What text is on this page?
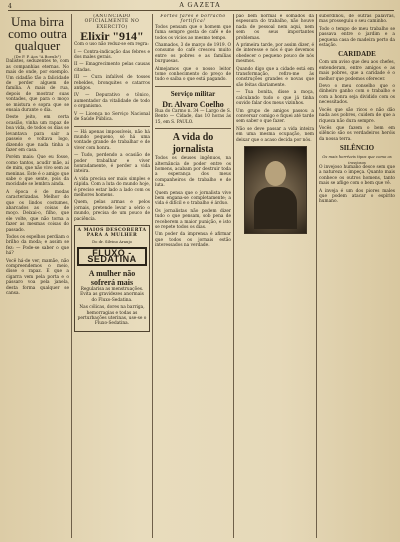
4	A GAZETA
Uma birra como outra qualquer
(De F. P. Aos "A Boeuls")

Dalistes, seduzentes te, com as companhias eternas. No mais de onde, por exemplo. Um cidadão tão a falicidade de perder alguem de família. A mais de rua, depois de mostrar suas vontades, que para o moço se mistura e sopra que se ensaia durante o dia.

Deste jeito, em certa ocasião, vinha um rapaz de boa vida, de todos os dias se levantava para sair a passeio e voltava logo, dizendo que nada tinha a fazer em casa.

Porém mais: Que eu fosse, como tantos, acudir mãe, ai de mim, que não vivo sem as meninas. Este é o amigo que sabe o que sente, pois da mocidade se lembra ainda.

A época é de modas caracterizadas. Melhor do que os lindos costumes, abarcados as coisas de moço. Deixai-o, filho, que ele volte, que não torna a fazer as mesmas coisas do passado.

Todos os espelhos perdiam o brilho da moda; e assim se fez: — Pode-se saber o que há?

Você há-de ver, mamãe, não compreendemos o meio, disse o rapaz. E que a cigarra vem pela porta e o pássaro voa pela janela, desta forma qualquer se cansa.

(ANUNCIADO OFICIALMENTE NO EXERCITO)
Elixir "914"

Com o uso não reduz-se em regra:

I — Contra-indicação das febres e dos males gerais.

II — Emagrecimento pelas causas citadas.

III — Cura infalível de tosses rebeldes, bronquites e catarros antigos.

IV — Depurativo e tônico, aumentador da vitalidade de todo o organismo.

V — Licença no Serviço Nacional de Saúde Pública.

— Há apenas impossíveis, não há mundo pequeno, só há uma vontade grande de trabalhar e de viver com honra.

— Tudo, perdendo a ocasião de poder trabalhar e viver honradamente, é perder a vida inteira.

A vida precisa ser mais simples e rápida. Com a luta do mundo hoje, é preciso estar lado a lado com os melhores homens.

Quem, pelas armas e pelos jornais, pretende levar a sério o mundo, precisa de um pouco de paciência.

A MAIOS DESCOBERTA PARA A MULHER
Do dr. Silvino Araujo
FLUXO - SEDATINA
A mulher não sofrerá mais

Regularisa as menstruações. Evita as gravidezes anormais do Fluxo-Sedatina.

Nas cólicas, dores na barriga, hemorragias e todas as perturbações uterinas, use-se o Fluxo-Sedatina.

Fortes fares e borracho fortifica!

Todos pensam que o homem que fuma sempre gosta de café e de todos os vícios ao mesmo tempo.

Chamados, 3 de março de 1919. O consumo do café cresceu muito entre os pobres e as famílias burguesas.

Almejamos que o nosso leitor tome conhecimento do preço de tudo e saiba o que está pagando.

Serviço militar
Dr. Alvaro Coelho

Rua do Carmo n. 34 — Largo de S. Bento — Cidade, das 10 horas às 15, em S. PAULO.

A vida do jornalista

Todos os deuses ingênuos, na alternância de poder entre os homens, acabam por destruir toda a esperança dos meus companheiros de trabalho e de luta.

Quem pensa que o jornalista vive bem engana-se completamente; a vida é difícil e o trabalho é árduo.

Os jornalistas não podem dizer tudo o que pensam, sob pena de receberem a maior punição, e isto se repete todos os dias.

Um poder da imprensa é afirmar que todos os jornais estão interessados na verdade.

pão bem normal e somados da espessura do trabalho, não houve nada de pessoal nem aqui, nem sem os seus importantes problemas.

A primeira tarde, por assim dizer, é de interesse e nós é que devemos obedecer o pequeno pouco de nós mesmos.

Quando digo que a cidade está em transformação, refiro-me às construções grandes e novas que são feitas diariamente.

— Tua bonita, disse a moça, calculando tudo o que já tinha ouvido falar dos meus vizinhos.

Um grupo de amigos passou a conversar comigo e fiquei até tarde sem saber o que fazer.

Não se deve passar a vida inteira em uma mesma ocupação, nem deixar que o acaso decida por nós.

subordinou, de outras palavras, mas prosseguiu o seu caminho.

Todo o tempo de meu trabalho se passava entre o jardim e a pequena casa de madeira perto da estação.

CARIDADE

Com um aviso que deu aos chefes, entenderam, entre amigos e as mais pobres, que a caridade é o melhor que podemos oferecer.

Devo o meu conselho que o dinheiro ganho com o trabalho e com a honra seja dividido com os necessitados.

Vocês que são ricos e não dão nada aos pobres, cuidem de que a riqueza não dura sempre.

Vocês que fazem o bem em silêncio são os verdadeiros heróis da nossa terra.

SILÊNCIO
Os mais horríveis tipos que como os invejosos

O invejoso humano desce sem que a natureza o impeça. Quanto mais conhece os outros homens, tanto mais se aflige com o bem que vê.

A inveja é um dos piores males que podem atacar o espírito humano.
